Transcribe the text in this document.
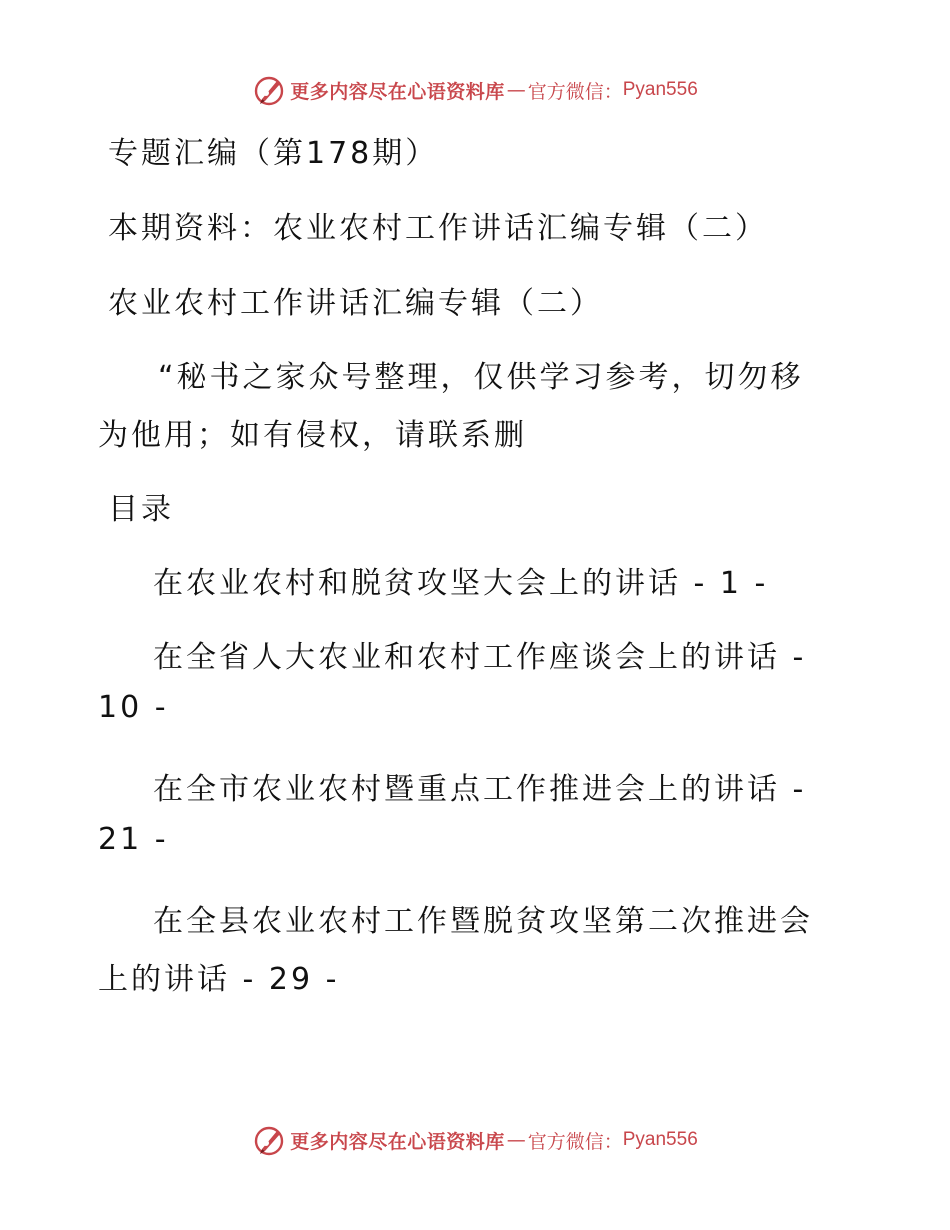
更多内容尽在心语资料库 — 官方微信： Pyan556

专题汇编（第178期）

本期资料：农业农村工作讲话汇编专辑（二）

农业农村工作讲话汇编专辑（二）

“秘书之家众号整理，仅供学习参考，切勿移

为他用；如有侵权，请联系删

目录

在农业农村和脱贫攻坚大会上的讲话 - 1 -

在全省人大农业和农村工作座谈会上的讲话 -

10 -

在全市农业农村暨重点工作推进会上的讲话 -

21 -

在全县农业农村工作暨脱贫攻坚第二次推进会

上的讲话 - 29 -

更多内容尽在心语资料库 — 官方微信： Pyan556
